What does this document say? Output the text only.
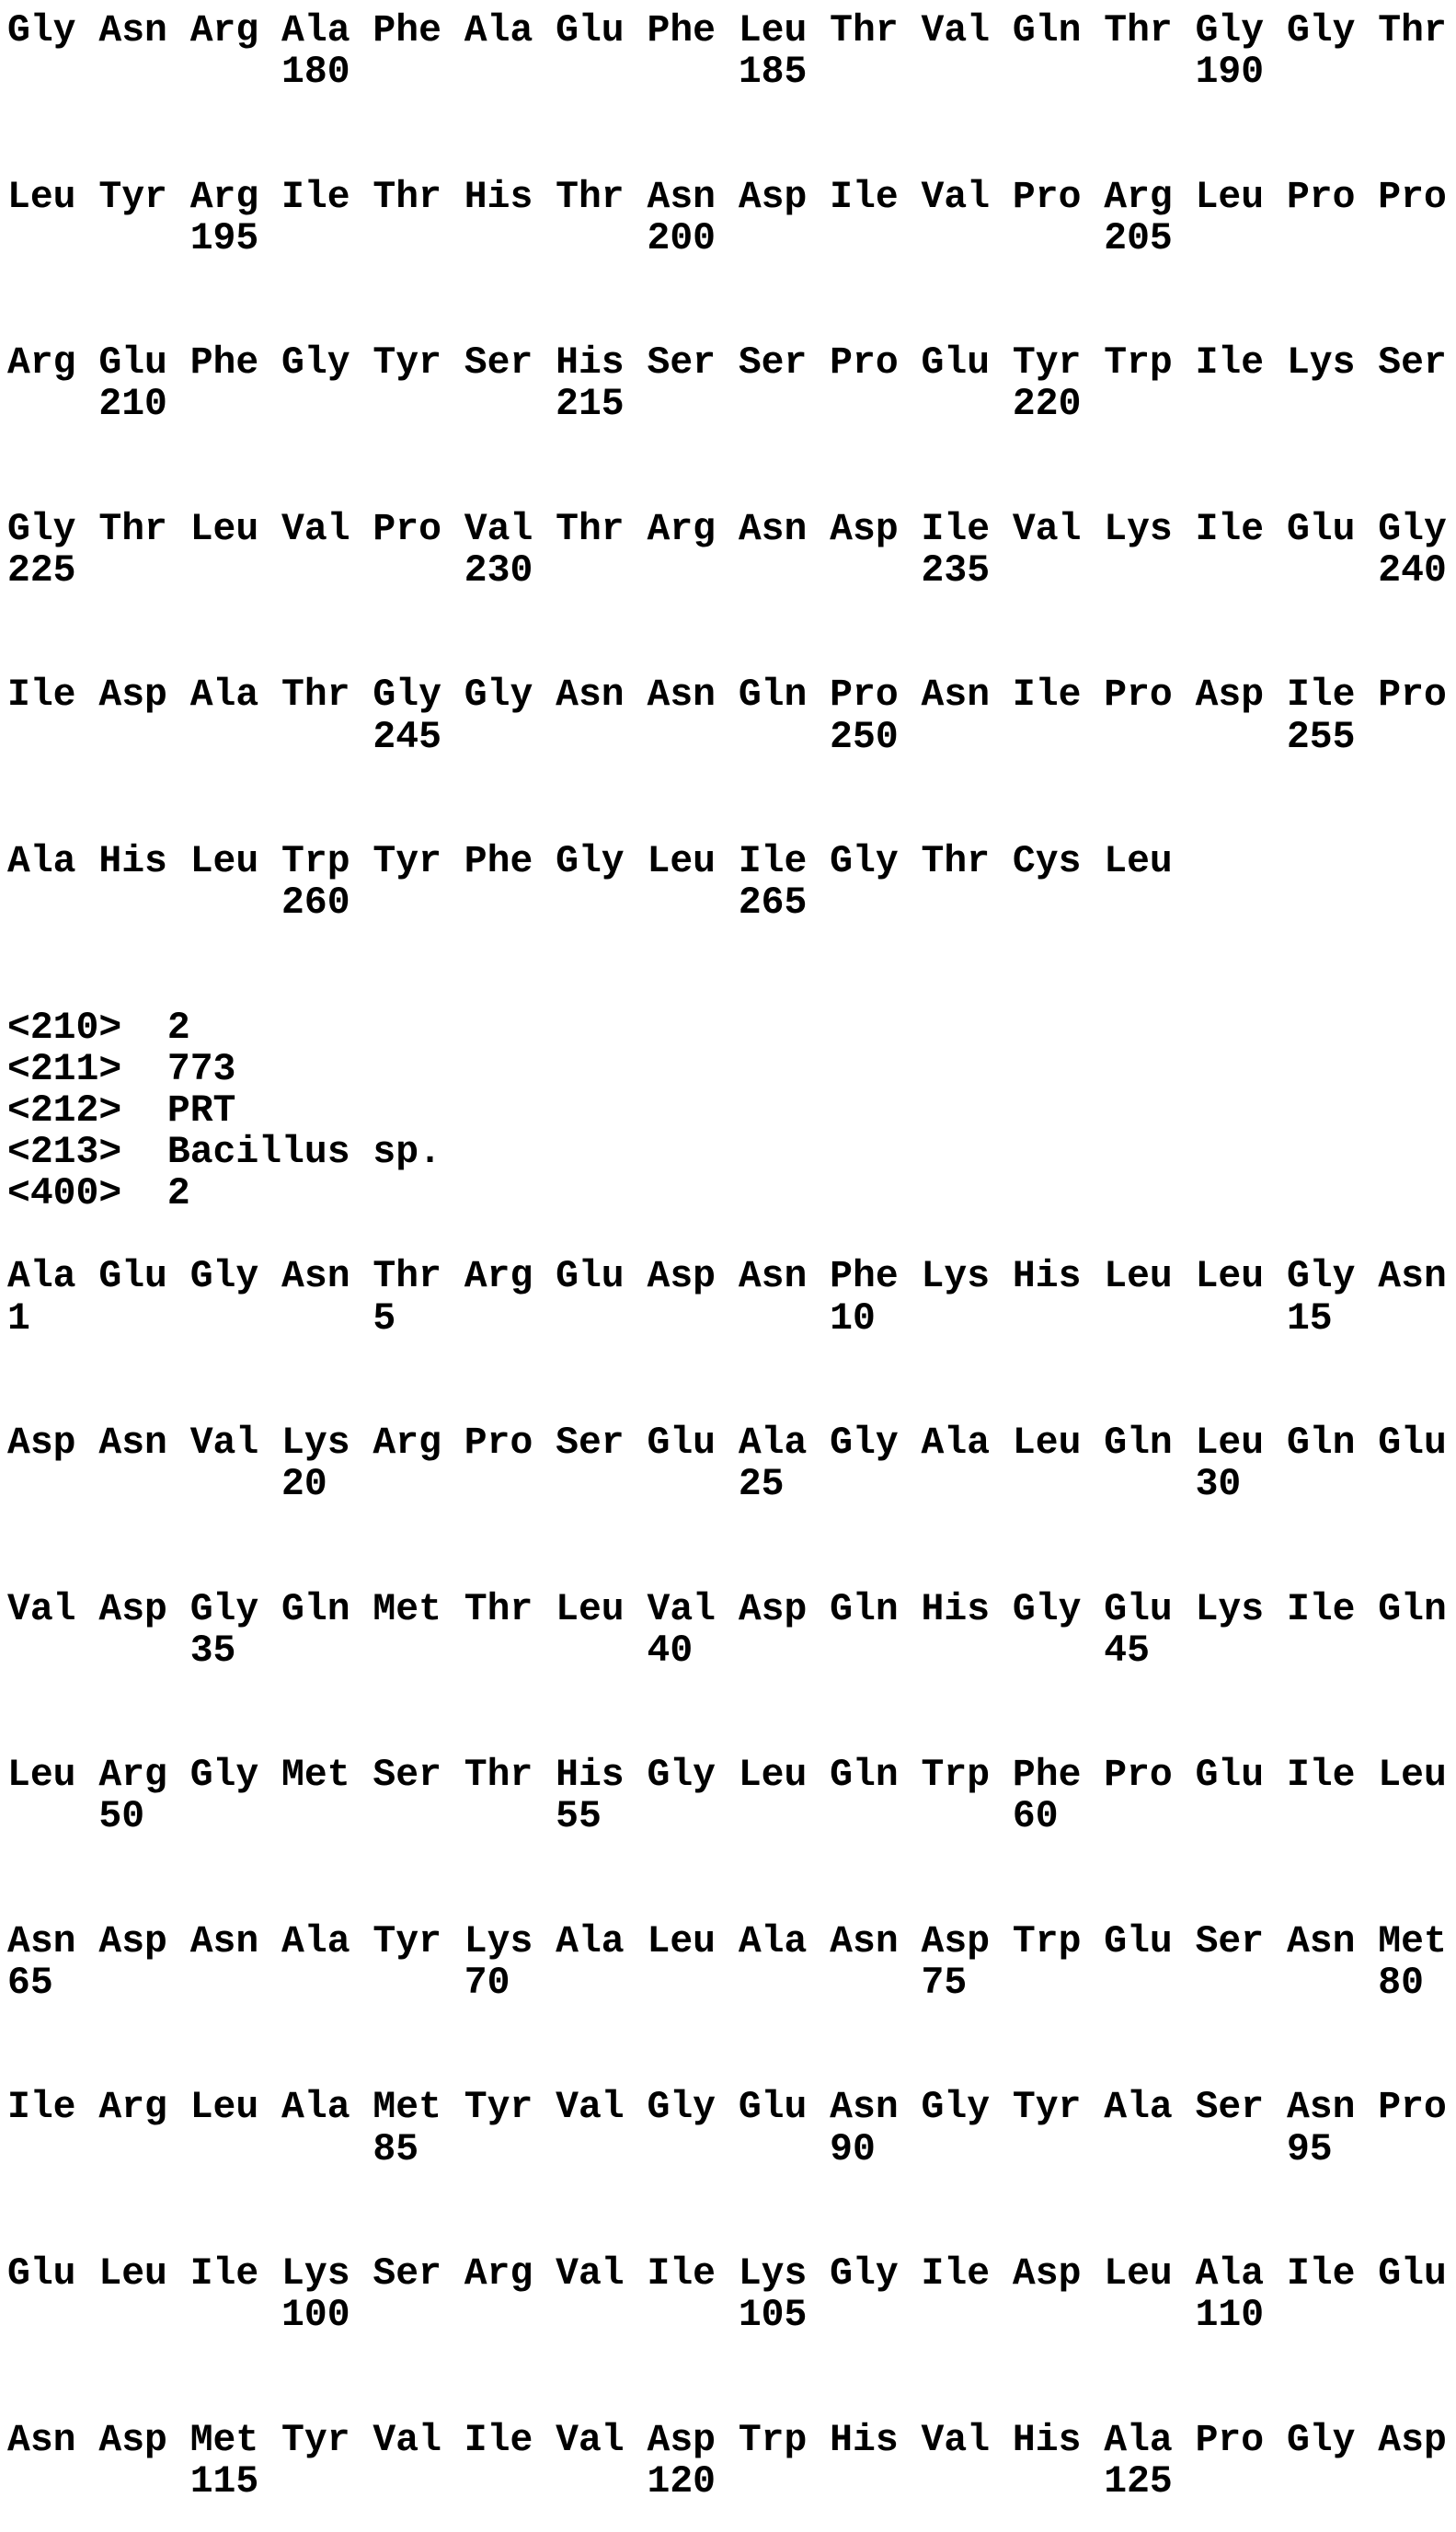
Gly Asn Arg Ala Phe Ala Glu Phe Leu Thr Val Gln Thr Gly Gly Thr
180                 185                 190
Leu Tyr Arg Ile Thr His Thr Asn Asp Ile Val Pro Arg Leu Pro Pro
195                 200                 205
Arg Glu Phe Gly Tyr Ser His Ser Ser Pro Glu Tyr Trp Ile Lys Ser
210                 215                 220
Gly Thr Leu Val Pro Val Thr Arg Asn Asp Ile Val Lys Ile Glu Gly
225                 230                 235                 240
Ile Asp Ala Thr Gly Gly Asn Asn Gln Pro Asn Ile Pro Asp Ile Pro
245                 250                 255
Ala His Leu Trp Tyr Phe Gly Leu Ile Gly Thr Cys Leu
260                 265
<210>  2
<211>  773
<212>  PRT
<213>  Bacillus sp.
<400>  2
Ala Glu Gly Asn Thr Arg Glu Asp Asn Phe Lys His Leu Leu Gly Asn
1               5                   10                  15
Asp Asn Val Lys Arg Pro Ser Glu Ala Gly Ala Leu Gln Leu Gln Glu
20                  25                  30
Val Asp Gly Gln Met Thr Leu Val Asp Gln His Gly Glu Lys Ile Gln
35                  40                  45
Leu Arg Gly Met Ser Thr His Gly Leu Gln Trp Phe Pro Glu Ile Leu
50                  55                  60
Asn Asp Asn Ala Tyr Lys Ala Leu Ala Asn Asp Trp Glu Ser Asn Met
65                  70                  75                  80
Ile Arg Leu Ala Met Tyr Val Gly Glu Asn Gly Tyr Ala Ser Asn Pro
85                  90                  95
Glu Leu Ile Lys Ser Arg Val Ile Lys Gly Ile Asp Leu Ala Ile Glu
100                 105                 110
Asn Asp Met Tyr Val Ile Val Asp Trp His Val His Ala Pro Gly Asp
115                 120                 125
